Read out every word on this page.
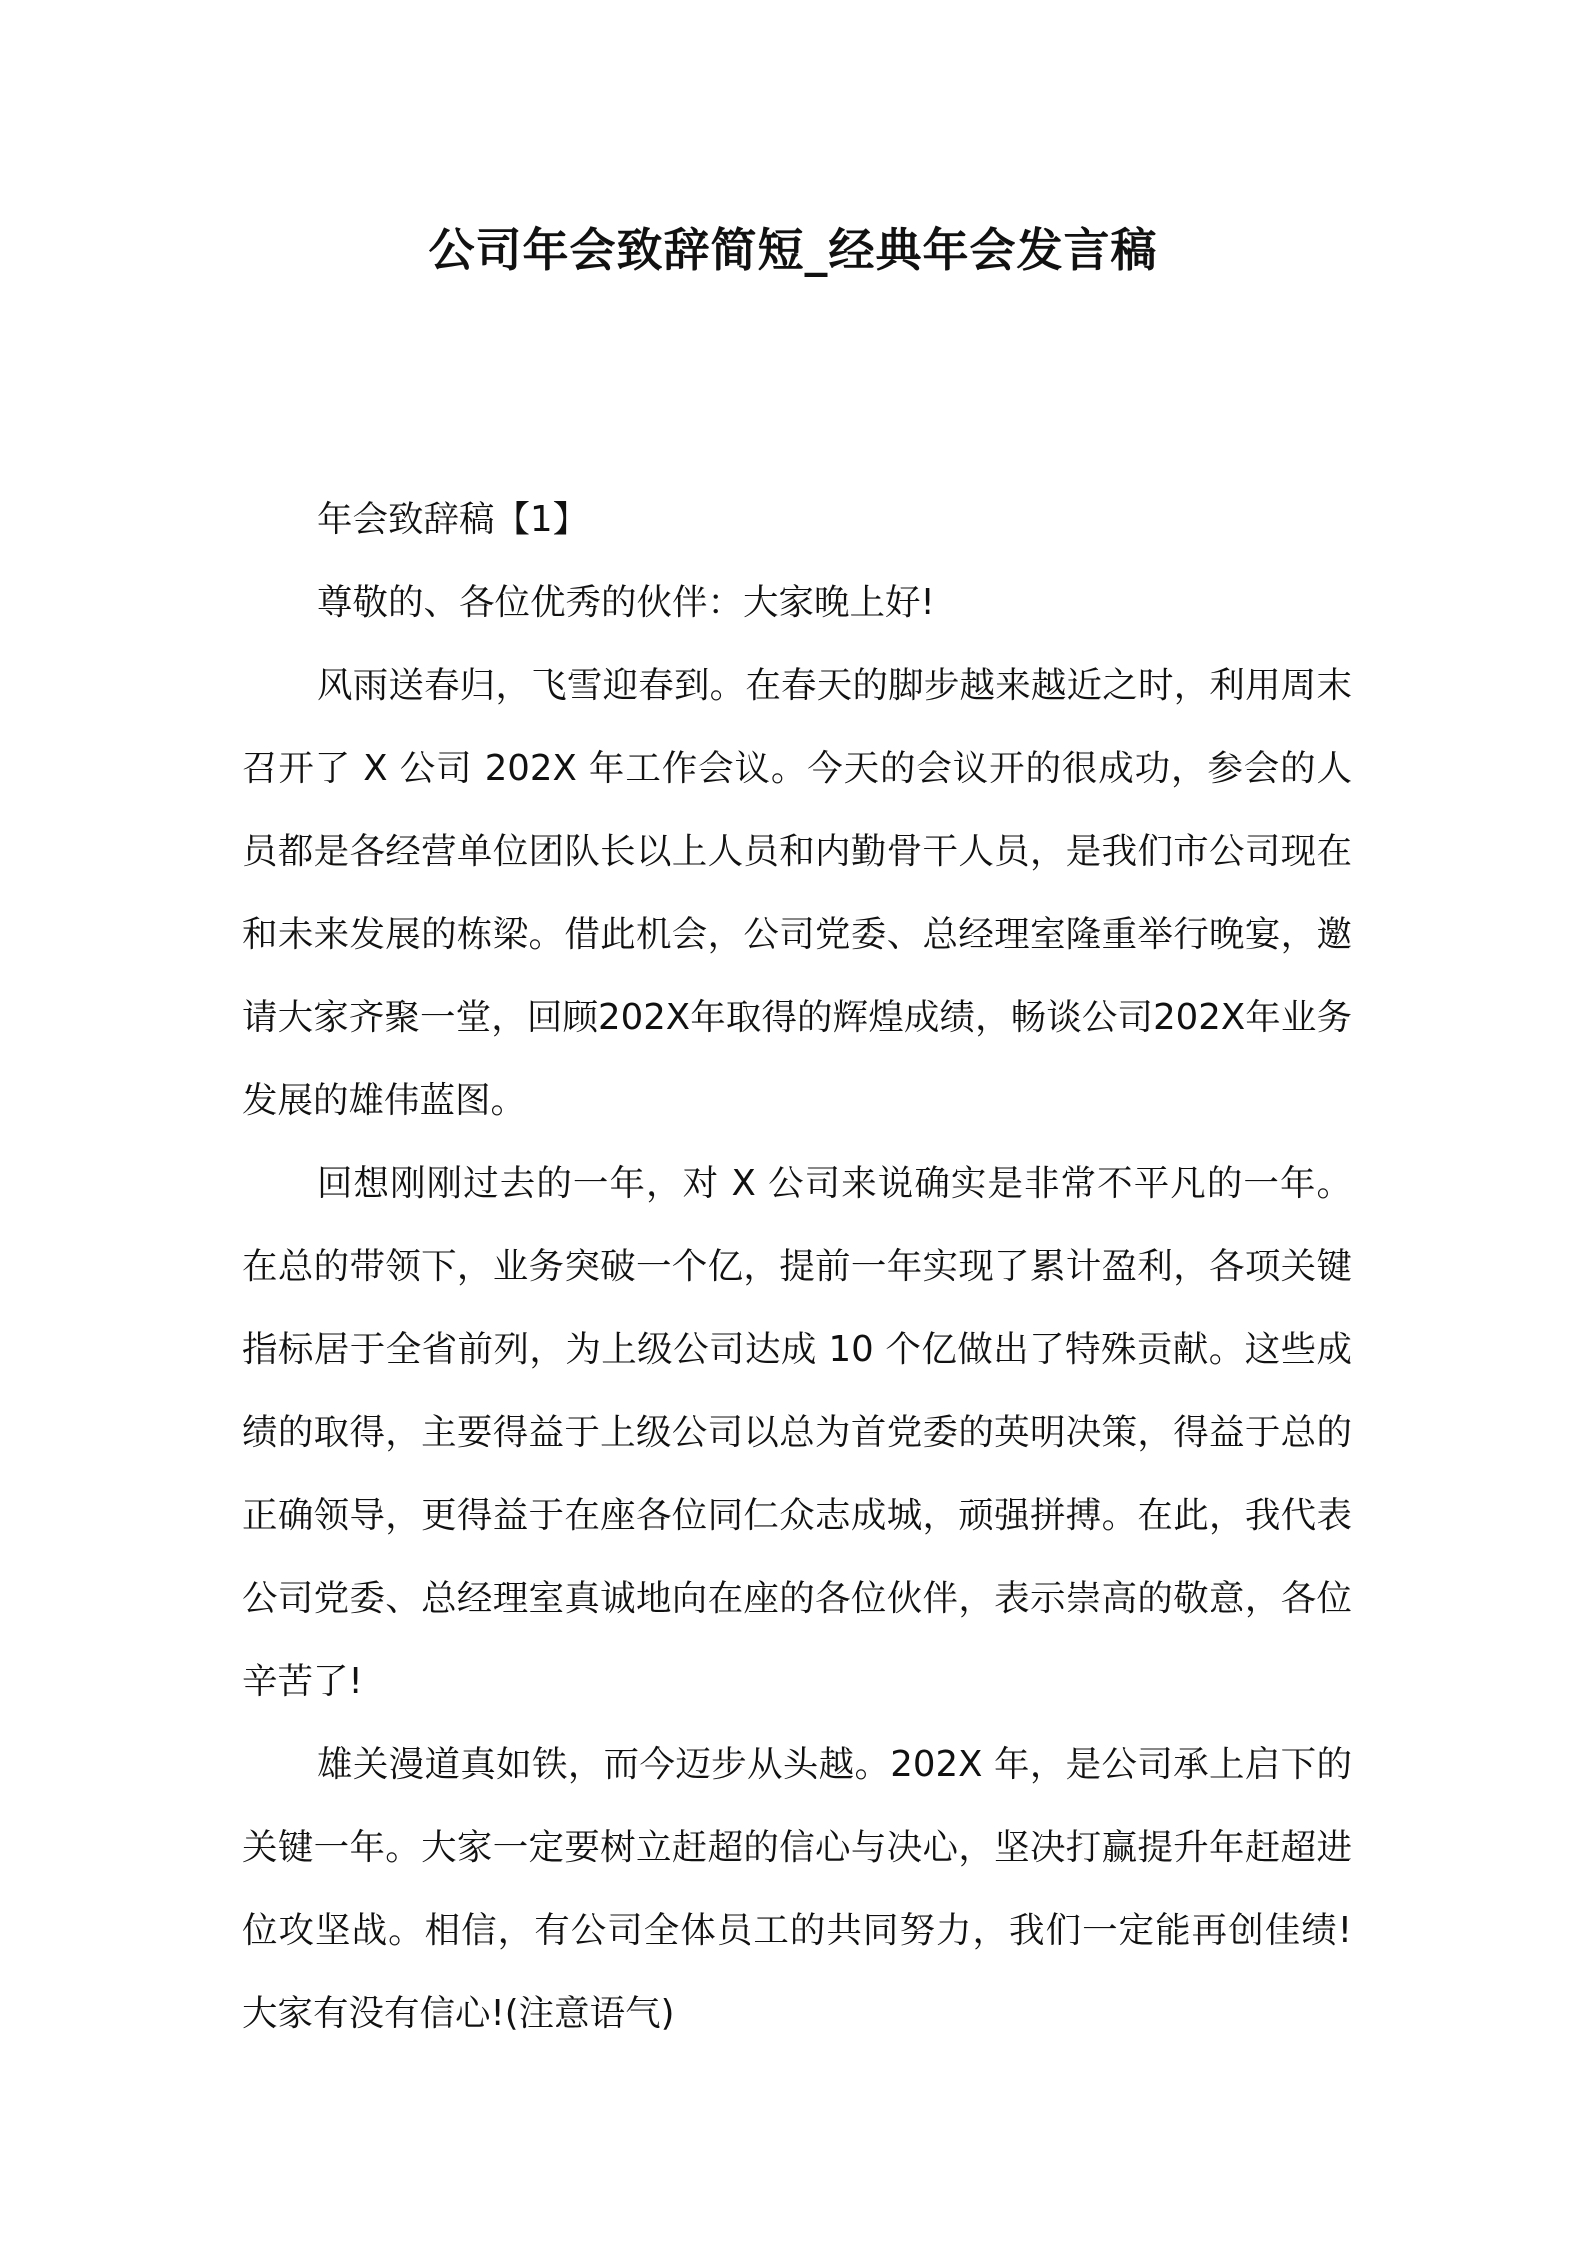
公司年会致辞简短_经典年会发言稿

年会致辞稿【1】

尊敬的、各位优秀的伙伴：大家晚上好!

风雨送春归，飞雪迎春到。在春天的脚步越来越近之时，利用周末召开了 X 公司 202X 年工作会议。今天的会议开的很成功，参会的人员都是各经营单位团队长以上人员和内勤骨干人员，是我们市公司现在和未来发展的栋梁。借此机会，公司党委、总经理室隆重举行晚宴，邀请大家齐聚一堂，回顾202X年取得的辉煌成绩，畅谈公司202X年业务发展的雄伟蓝图。

回想刚刚过去的一年，对 X 公司来说确实是非常不平凡的一年。在总的带领下，业务突破一个亿，提前一年实现了累计盈利，各项关键指标居于全省前列，为上级公司达成 10 个亿做出了特殊贡献。这些成绩的取得，主要得益于上级公司以总为首党委的英明决策，得益于总的正确领导，更得益于在座各位同仁众志成城，顽强拼搏。在此，我代表公司党委、总经理室真诚地向在座的各位伙伴，表示崇高的敬意，各位辛苦了!

雄关漫道真如铁，而今迈步从头越。202X 年，是公司承上启下的关键一年。大家一定要树立赶超的信心与决心，坚决打赢提升年赶超进位攻坚战。相信，有公司全体员工的共同努力，我们一定能再创佳绩!大家有没有信心!(注意语气)
